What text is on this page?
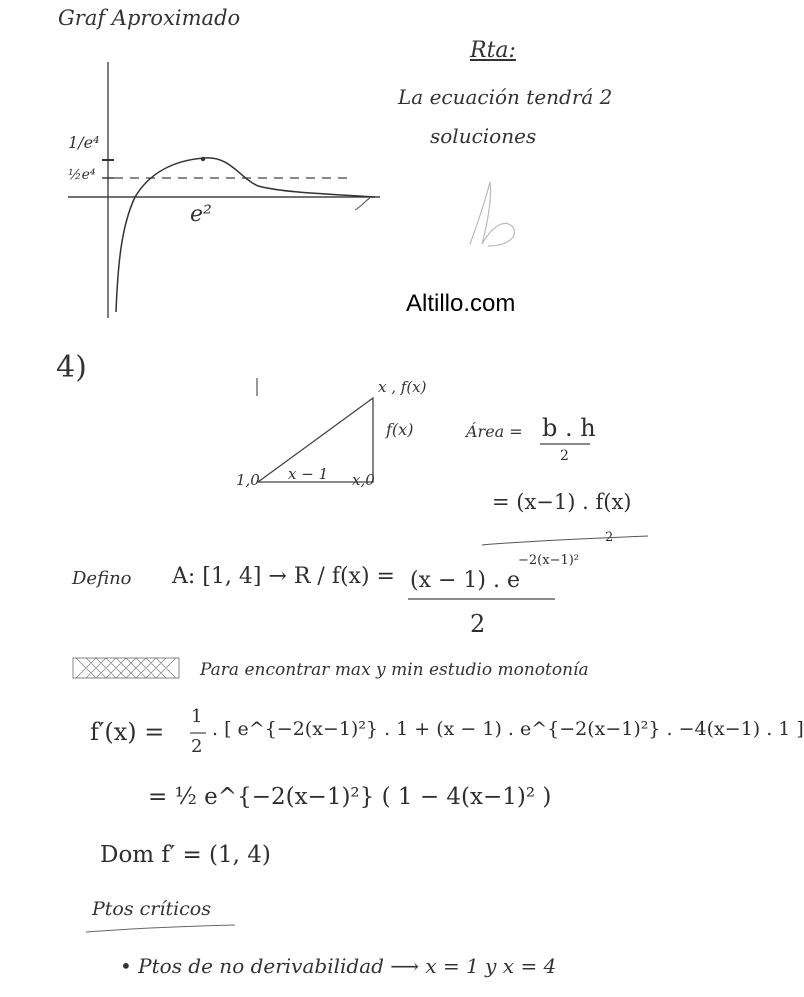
Graf Aproximado
1/e⁴
½e⁴
e²
Rta:
La ecuación tendrá 2
soluciones
Altillo.com
4)
x , f(x)
f(x)
x − 1
1,0	x,0
Área = b . h
2
= (x−1) . f(x)
2
Defino A: [1, 4] → R / f(x) = (x − 1) . e
−2(x−1)²
2
Para encontrar max y min estudio monotonía
f′(x) =
1
2
. [ e^{−2(x−1)²} . 1 + (x − 1) . e^{−2(x−1)²} . −4(x−1) . 1 ]
= ½ e^{−2(x−1)²} ( 1 − 4(x−1)² )
Dom f′ = (1, 4)
Ptos críticos
• Ptos de no derivabilidad ⟶ x = 1 y x = 4
